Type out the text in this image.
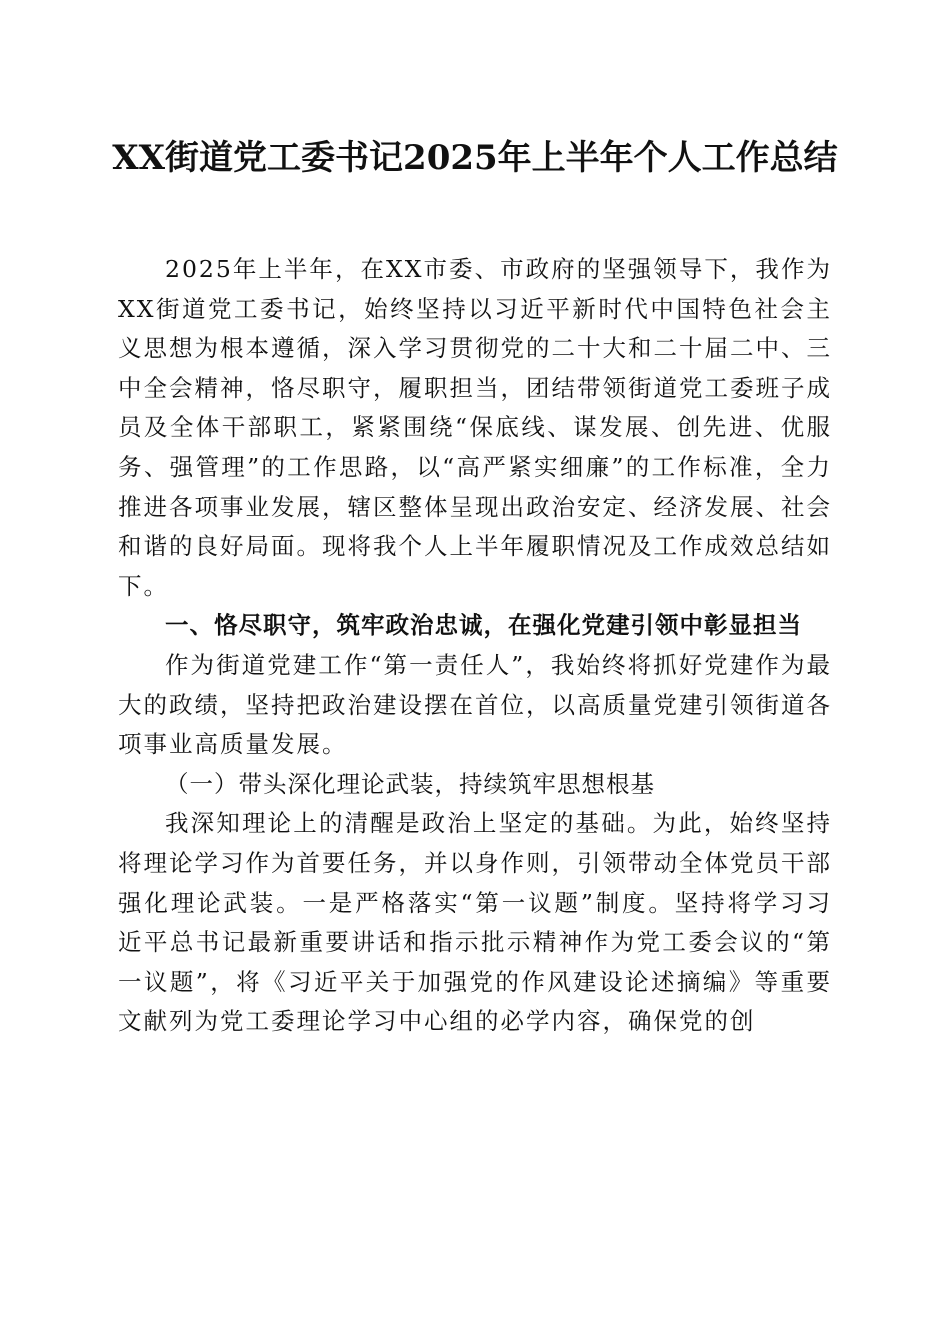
XX街道党工委书记2025年上半年个人工作总结

2025年上半年，在XX市委、市政府的坚强领导下，我作为XX街道党工委书记，始终坚持以习近平新时代中国特色社会主义思想为根本遵循，深入学习贯彻党的二十大和二十届二中、三中全会精神，恪尽职守，履职担当，团结带领街道党工委班子成员及全体干部职工，紧紧围绕“保底线、谋发展、创先进、优服务、强管理”的工作思路，以“高严紧实细廉”的工作标准，全力推进各项事业发展，辖区整体呈现出政治安定、经济发展、社会和谐的良好局面。现将我个人上半年履职情况及工作成效总结如下。

一、恪尽职守，筑牢政治忠诚，在强化党建引领中彰显担当

作为街道党建工作“第一责任人”，我始终将抓好党建作为最大的政绩，坚持把政治建设摆在首位，以高质量党建引领街道各项事业高质量发展。

（一）带头深化理论武装，持续筑牢思想根基

我深知理论上的清醒是政治上坚定的基础。为此，始终坚持将理论学习作为首要任务，并以身作则，引领带动全体党员干部强化理论武装。一是严格落实“第一议题”制度。坚持将学习习近平总书记最新重要讲话和指示批示精神作为党工委会议的“第一议题”，将《习近平关于加强党的作风建设论述摘编》等重要文献列为党工委理论学习中心组的必学内容，确保党的创
